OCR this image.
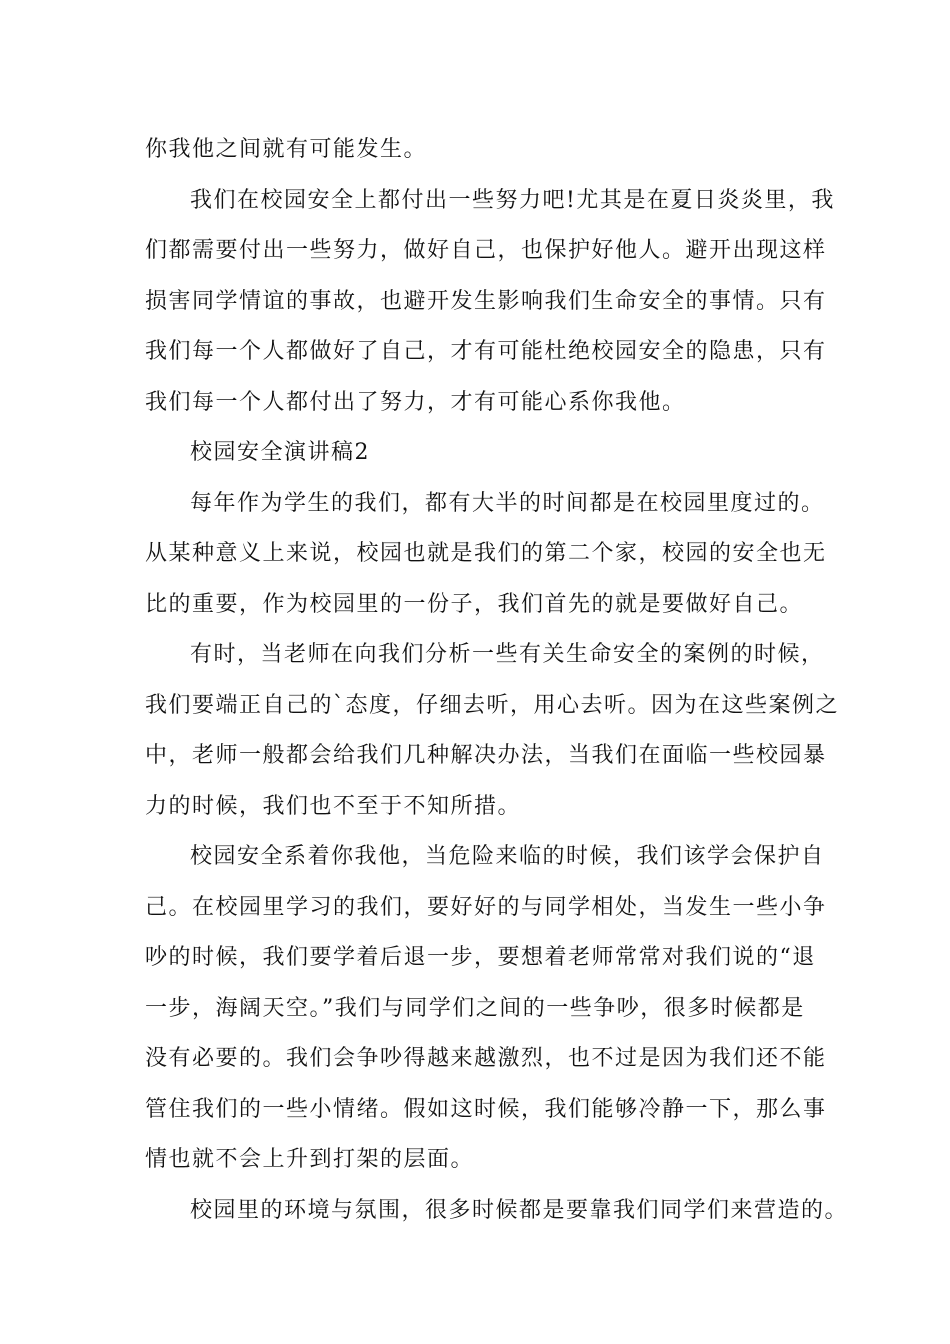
你我他之间就有可能发生。

我们在校园安全上都付出一些努力吧!尤其是在夏日炎炎里，我
们都需要付出一些努力，做好自己，也保护好他人。避开出现这样
损害同学情谊的事故，也避开发生影响我们生命安全的事情。只有
我们每一个人都做好了自己，才有可能杜绝校园安全的隐患，只有
我们每一个人都付出了努力，才有可能心系你我他。

校园安全演讲稿2

每年作为学生的我们，都有大半的时间都是在校园里度过的。
从某种意义上来说，校园也就是我们的第二个家，校园的安全也无
比的重要，作为校园里的一份子，我们首先的就是要做好自己。

有时，当老师在向我们分析一些有关生命安全的案例的时候，
我们要端正自己的`态度，仔细去听，用心去听。因为在这些案例之
中，老师一般都会给我们几种解决办法，当我们在面临一些校园暴
力的时候，我们也不至于不知所措。

校园安全系着你我他，当危险来临的时候，我们该学会保护自
己。在校园里学习的我们，要好好的与同学相处，当发生一些小争
吵的时候，我们要学着后退一步，要想着老师常常对我们说的“退
一步，海阔天空。”我们与同学们之间的一些争吵，很多时候都是
没有必要的。我们会争吵得越来越激烈，也不过是因为我们还不能
管住我们的一些小情绪。假如这时候，我们能够冷静一下，那么事
情也就不会上升到打架的层面。

校园里的环境与氛围，很多时候都是要靠我们同学们来营造的。
